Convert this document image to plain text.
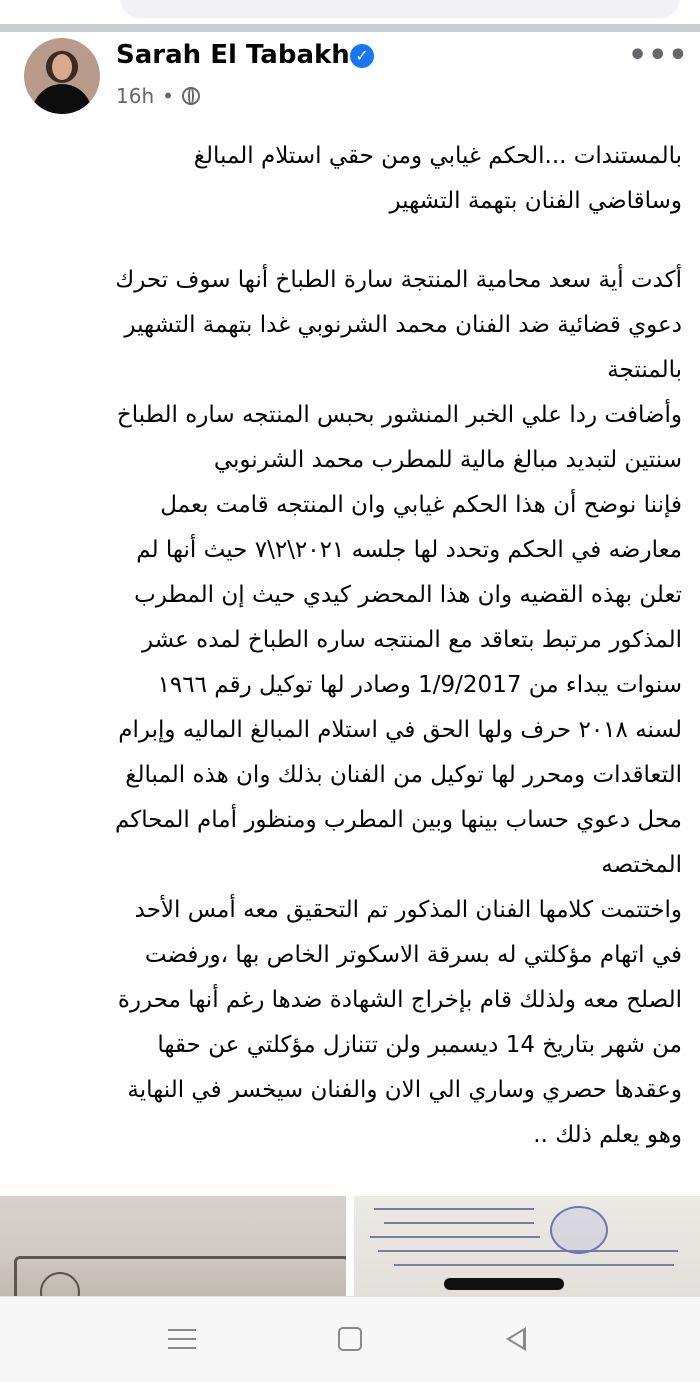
Sarah El Tabakh ✓
16h •
•••

بالمستندات ...الحكم غيابي ومن حقي استلام المبالغ

وساقاضي الفنان بتهمة التشهير

أكدت أية سعد محامية المنتجة سارة الطباخ أنها سوف تحرك

دعوي قضائية ضد الفنان محمد الشرنوبي غدا بتهمة التشهير

بالمنتجة

وأضافت ردا علي الخبر المنشور بحبس المنتجه ساره الطباخ

سنتين لتبديد مبالغ مالية للمطرب محمد الشرنوبي

فإننا نوضح أن هذا الحكم غيابي وان المنتجه قامت بعمل

معارضه في الحكم وتحدد لها جلسه ٢٠٢١\٢\٧ حيث أنها لم

تعلن بهذه القضيه وان هذا المحضر كيدي حيث إن المطرب

المذكور مرتبط بتعاقد مع المنتجه ساره الطباخ لمده عشر

سنوات يبداء من 1/9/2017 وصادر لها توكيل رقم ١٩٦٦

لسنه ٢٠١٨ حرف ولها الحق في استلام المبالغ الماليه وإبرام

التعاقدات ومحرر لها توكيل من الفنان بذلك وان هذه المبالغ

محل دعوي حساب بينها وبين المطرب ومنظور أمام المحاكم

المختصه

واختتمت كلامها الفنان المذكور تم التحقيق معه أمس الأحد

في اتهام مؤكلتي له بسرقة الاسكوتر الخاص بها ،ورفضت

الصلح معه ولذلك قام بإخراج الشهادة ضدها رغم أنها محررة

من شهر بتاريخ 14 ديسمبر ولن تتنازل مؤكلتي عن حقها

وعقدها حصري وساري الي الان والفنان سيخسر في النهاية

وهو يعلم ذلك ..
